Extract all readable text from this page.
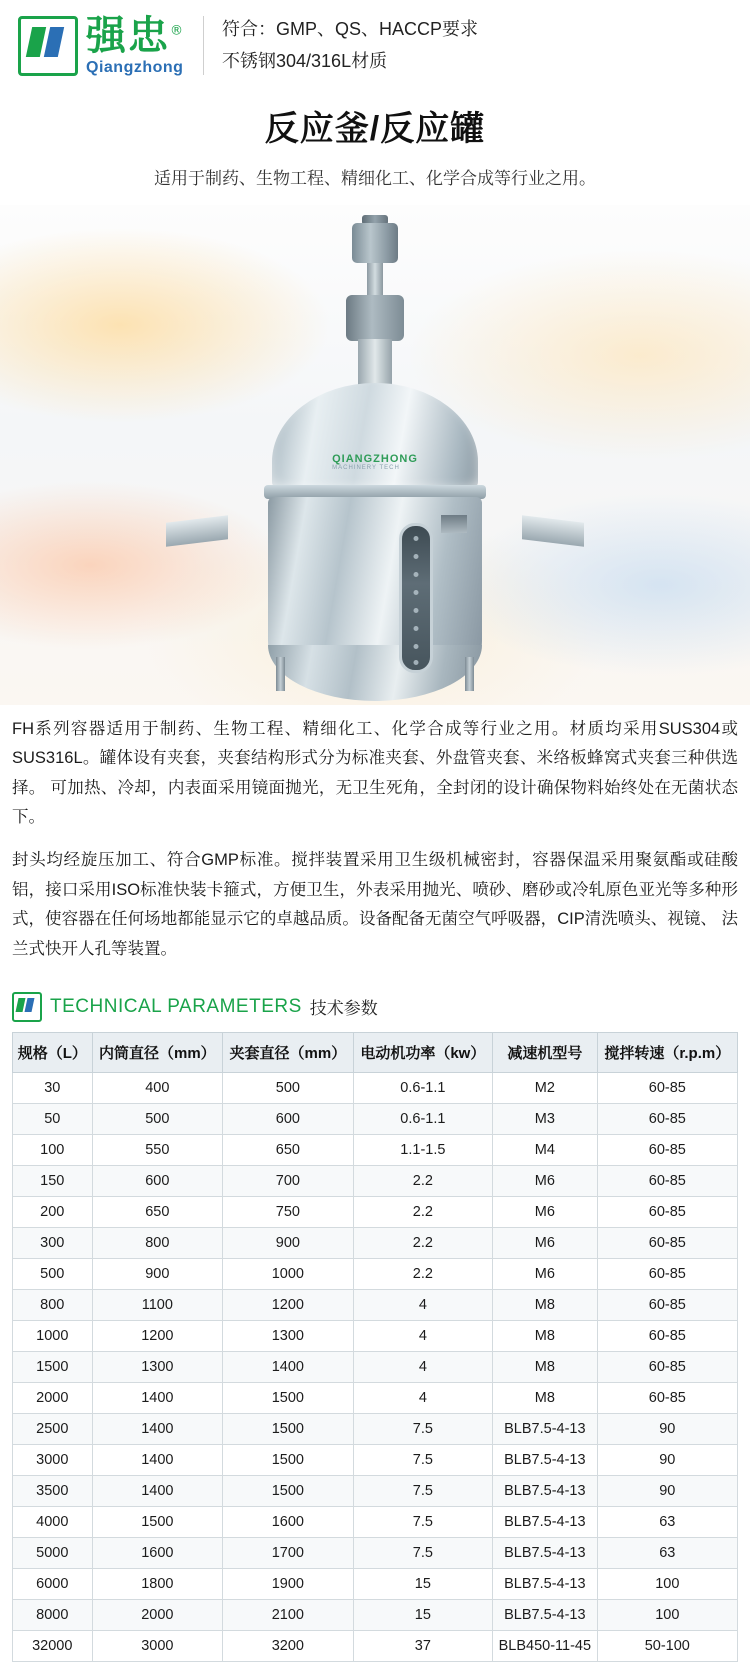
强忠®
Qiangzhong
符合：GMP、QS、HACCP要求
不锈钢304/316L材质
反应釜/反应罐

适用于制药、生物工程、精细化工、化学合成等行业之用。

QIANGZHONG
MACHINERY TECH

FH系列容器适用于制药、生物工程、精细化工、化学合成等行业之用。材质均采用SUS304或SUS316L。罐体设有夹套，夹套结构形式分为标准夹套、外盘管夹套、米络板蜂窝式夹套三种供选择。 可加热、冷却，内表面采用镜面抛光，无卫生死角，全封闭的设计确保物料始终处在无菌状态下。

封头均经旋压加工、符合GMP标准。搅拌装置采用卫生级机械密封，容器保温采用聚氨酯或硅酸铝，接口采用ISO标准快装卡箍式，方便卫生，外表采用抛光、喷砂、磨砂或冷轧原色亚光等多种形式，使容器在任何场地都能显示它的卓越品质。设备配备无菌空气呼吸器，CIP清洗喷头、视镜、 法兰式快开人孔等装置。

TECHNICAL PARAMETERS 技术参数
规格（L）	内筒直径（mm）	夹套直径（mm）	电动机功率（kw）	减速机型号	搅拌转速（r.p.m）
30	400	500	0.6-1.1	M2	60-85
50	500	600	0.6-1.1	M3	60-85
100	550	650	1.1-1.5	M4	60-85
150	600	700	2.2	M6	60-85
200	650	750	2.2	M6	60-85
300	800	900	2.2	M6	60-85
500	900	1000	2.2	M6	60-85
800	1100	1200	4	M8	60-85
1000	1200	1300	4	M8	60-85
1500	1300	1400	4	M8	60-85
2000	1400	1500	4	M8	60-85
2500	1400	1500	7.5	BLB7.5-4-13	90
3000	1400	1500	7.5	BLB7.5-4-13	90
3500	1400	1500	7.5	BLB7.5-4-13	90
4000	1500	1600	7.5	BLB7.5-4-13	63
5000	1600	1700	7.5	BLB7.5-4-13	63
6000	1800	1900	15	BLB7.5-4-13	100
8000	2000	2100	15	BLB7.5-4-13	100
32000	3000	3200	37	BLB450-11-45	50-100
